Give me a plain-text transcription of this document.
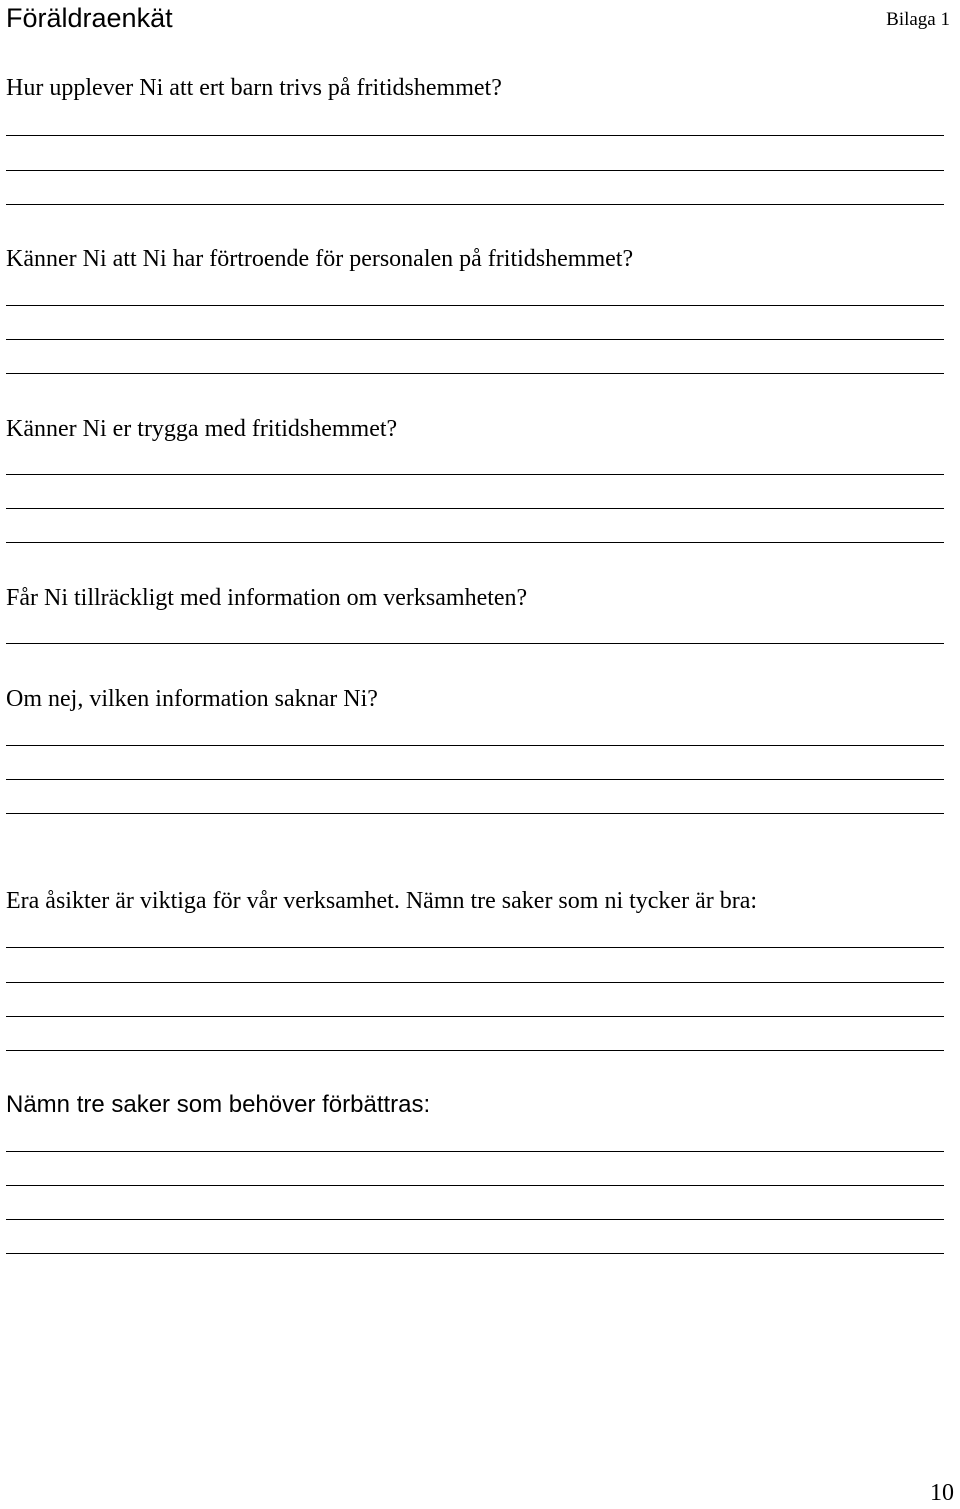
Föräldraenkät	Bilaga 1
Hur upplever Ni att ert barn trivs på fritidshemmet?
Känner Ni att Ni har förtroende för personalen på fritidshemmet?
Känner Ni er trygga med fritidshemmet?
Får Ni tillräckligt med information om verksamheten?
Om nej, vilken information saknar Ni?
Era åsikter är viktiga för vår verksamhet. Nämn tre saker som ni tycker är bra:
Nämn tre saker som behöver förbättras:
10
